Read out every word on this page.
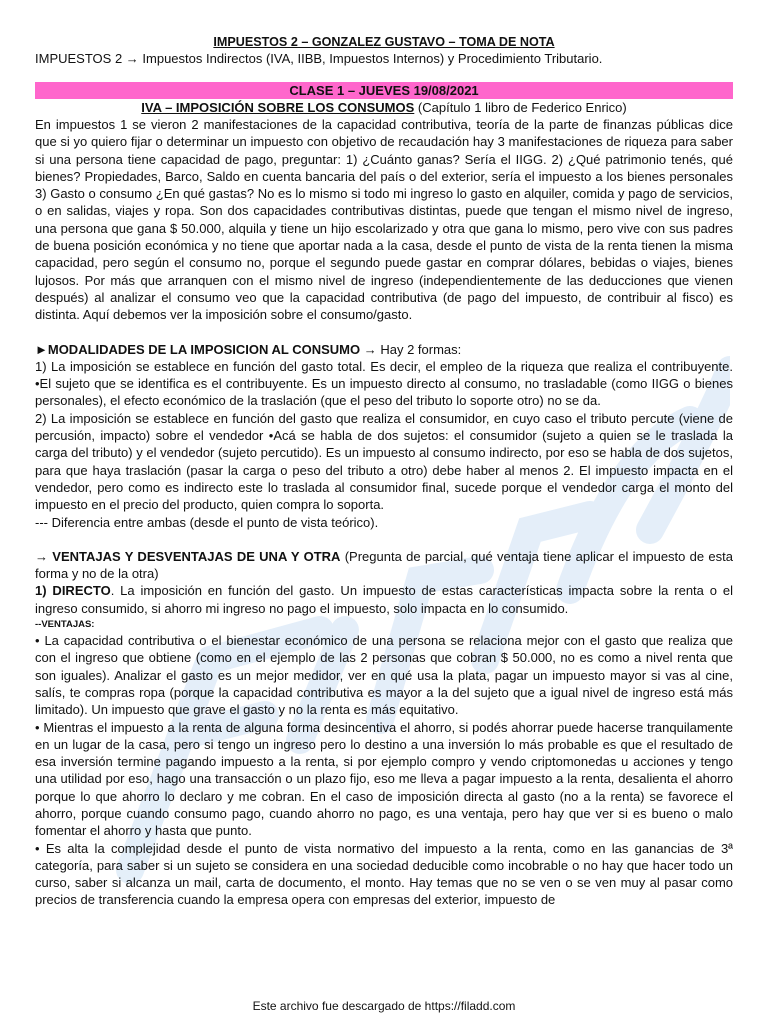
IMPUESTOS 2 – GONZALEZ GUSTAVO – TOMA DE NOTA

IMPUESTOS 2 → Impuestos Indirectos (IVA, IIBB, Impuestos Internos) y Procedimiento Tributario.

CLASE 1 – JUEVES 19/08/2021

IVA – IMPOSICIÓN SOBRE LOS CONSUMOS (Capítulo 1 libro de Federico Enrico)

En impuestos 1 se vieron 2 manifestaciones de la capacidad contributiva, teoría de la parte de finanzas públicas dice que si yo quiero fijar o determinar un impuesto con objetivo de recaudación hay 3 manifestaciones de riqueza para saber si una persona tiene capacidad de pago, preguntar: 1) ¿Cuánto ganas? Sería el IIGG. 2) ¿Qué patrimonio tenés, qué bienes? Propiedades, Barco, Saldo en cuenta bancaria del país o del exterior, sería el impuesto a los bienes personales 3) Gasto o consumo ¿En qué gastas? No es lo mismo si todo mi ingreso lo gasto en alquiler, comida y pago de servicios, o en salidas, viajes y ropa. Son dos capacidades contributivas distintas, puede que tengan el mismo nivel de ingreso, una persona que gana $ 50.000, alquila y tiene un hijo escolarizado y otra que gana lo mismo, pero vive con sus padres de buena posición económica y no tiene que aportar nada a la casa, desde el punto de vista de la renta tienen la misma capacidad, pero según el consumo no, porque el segundo puede gastar en comprar dólares, bebidas o viajes, bienes lujosos. Por más que arranquen con el mismo nivel de ingreso (independientemente de las deducciones que vienen después) al analizar el consumo veo que la capacidad contributiva (de pago del impuesto, de contribuir al fisco) es distinta. Aquí debemos ver la imposición sobre el consumo/gasto.

►MODALIDADES DE LA IMPOSICION AL CONSUMO → Hay 2 formas:

1) La imposición se establece en función del gasto total. Es decir, el empleo de la riqueza que realiza el contribuyente. •El sujeto que se identifica es el contribuyente. Es un impuesto directo al consumo, no trasladable (como IIGG o bienes personales), el efecto económico de la traslación (que el peso del tributo lo soporte otro) no se da.

2) La imposición se establece en función del gasto que realiza el consumidor, en cuyo caso el tributo percute (viene de percusión, impacto) sobre el vendedor •Acá se habla de dos sujetos: el consumidor (sujeto a quien se le traslada la carga del tributo) y el vendedor (sujeto percutido). Es un impuesto al consumo indirecto, por eso se habla de dos sujetos, para que haya traslación (pasar la carga o peso del tributo a otro) debe haber al menos 2. El impuesto impacta en el vendedor, pero como es indirecto este lo traslada al consumidor final, sucede porque el vendedor carga el monto del impuesto en el precio del producto, quien compra lo soporta.

--- Diferencia entre ambas (desde el punto de vista teórico).

→ VENTAJAS Y DESVENTAJAS DE UNA Y OTRA (Pregunta de parcial, qué ventaja tiene aplicar el impuesto de esta forma y no de la otra)

1) DIRECTO. La imposición en función del gasto. Un impuesto de estas características impacta sobre la renta o el ingreso consumido, si ahorro mi ingreso no pago el impuesto, solo impacta en lo consumido.

--VENTAJAS:

• La capacidad contributiva o el bienestar económico de una persona se relaciona mejor con el gasto que realiza que con el ingreso que obtiene (como en el ejemplo de las 2 personas que cobran $ 50.000, no es como a nivel renta que son iguales). Analizar el gasto es un mejor medidor, ver en qué usa la plata, pagar un impuesto mayor si vas al cine, salís, te compras ropa (porque la capacidad contributiva es mayor a la del sujeto que a igual nivel de ingreso está más limitado). Un impuesto que grave el gasto y no la renta es más equitativo.

• Mientras el impuesto a la renta de alguna forma desincentiva el ahorro, si podés ahorrar puede hacerse tranquilamente en un lugar de la casa, pero si tengo un ingreso pero lo destino a una inversión lo más probable es que el resultado de esa inversión termine pagando impuesto a la renta, si por ejemplo compro y vendo criptomonedas u acciones y tengo una utilidad por eso, hago una transacción o un plazo fijo, eso me lleva a pagar impuesto a la renta, desalienta el ahorro porque lo que ahorro lo declaro y me cobran. En el caso de imposición directa al gasto (no a la renta) se favorece el ahorro, porque cuando consumo pago, cuando ahorro no pago, es una ventaja, pero hay que ver si es bueno o malo fomentar el ahorro y hasta que punto.

• Es alta la complejidad desde el punto de vista normativo del impuesto a la renta, como en las ganancias de 3ª categoría, para saber si un sujeto se considera en una sociedad deducible como incobrable o no hay que hacer todo un curso, saber si alcanza un mail, carta de documento, el monto. Hay temas que no se ven o se ven muy al pasar como precios de transferencia cuando la empresa opera con empresas del exterior, impuesto de

Este archivo fue descargado de https://filadd.com
